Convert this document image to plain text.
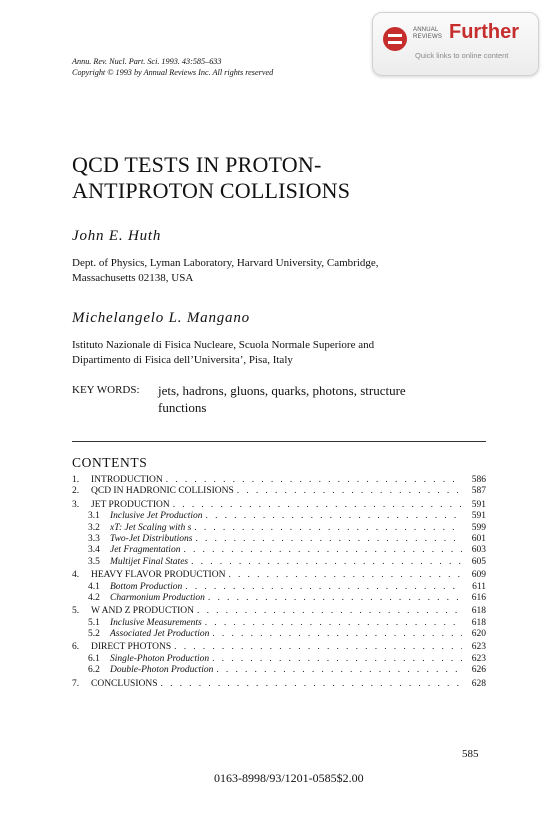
Annu. Rev. Nucl. Part. Sci. 1993. 43:585–633
Copyright © 1993 by Annual Reviews Inc. All rights reserved
ANNUAL
REVIEWS Further
Quick links to online content
QCD TESTS IN PROTON-
ANTIPROTON COLLISIONS
John E. Huth
Dept. of Physics, Lyman Laboratory, Harvard University, Cambridge,
Massachusetts 02138, USA
Michelangelo L. Mangano
Istituto Nazionale di Fisica Nucleare, Scuola Normale Superiore and
Dipartimento di Fisica dell’Universita’, Pisa, Italy
KEY WORDS: jets, hadrons, gluons, quarks, photons, structure
functions
CONTENTS
1.	INTRODUCTION . . .	586
2.	QCD IN HADRONIC COLLISIONS . . .	587
3.	JET PRODUCTION . . .	591
3.1	Inclusive Jet Production . . .	591
3.2	xT: Jet Scaling with s . . .	599
3.3	Two-Jet Distributions . . .	601
3.4	Jet Fragmentation . . .	603
3.5	Multijet Final States . . .	605
4.	HEAVY FLAVOR PRODUCTION . . .	609
4.1	Bottom Production . . .	611
4.2	Charmonium Production . . .	616
5.	W AND Z PRODUCTION . . .	618
5.1	Inclusive Measurements . . .	618
5.2	Associated Jet Production . . .	620
6.	DIRECT PHOTONS . . .	623
6.1	Single-Photon Production . . .	623
6.2	Double-Photon Production . . .	626
7.	CONCLUSIONS . . .	628
585
0163-8998/93/1201-0585$2.00
